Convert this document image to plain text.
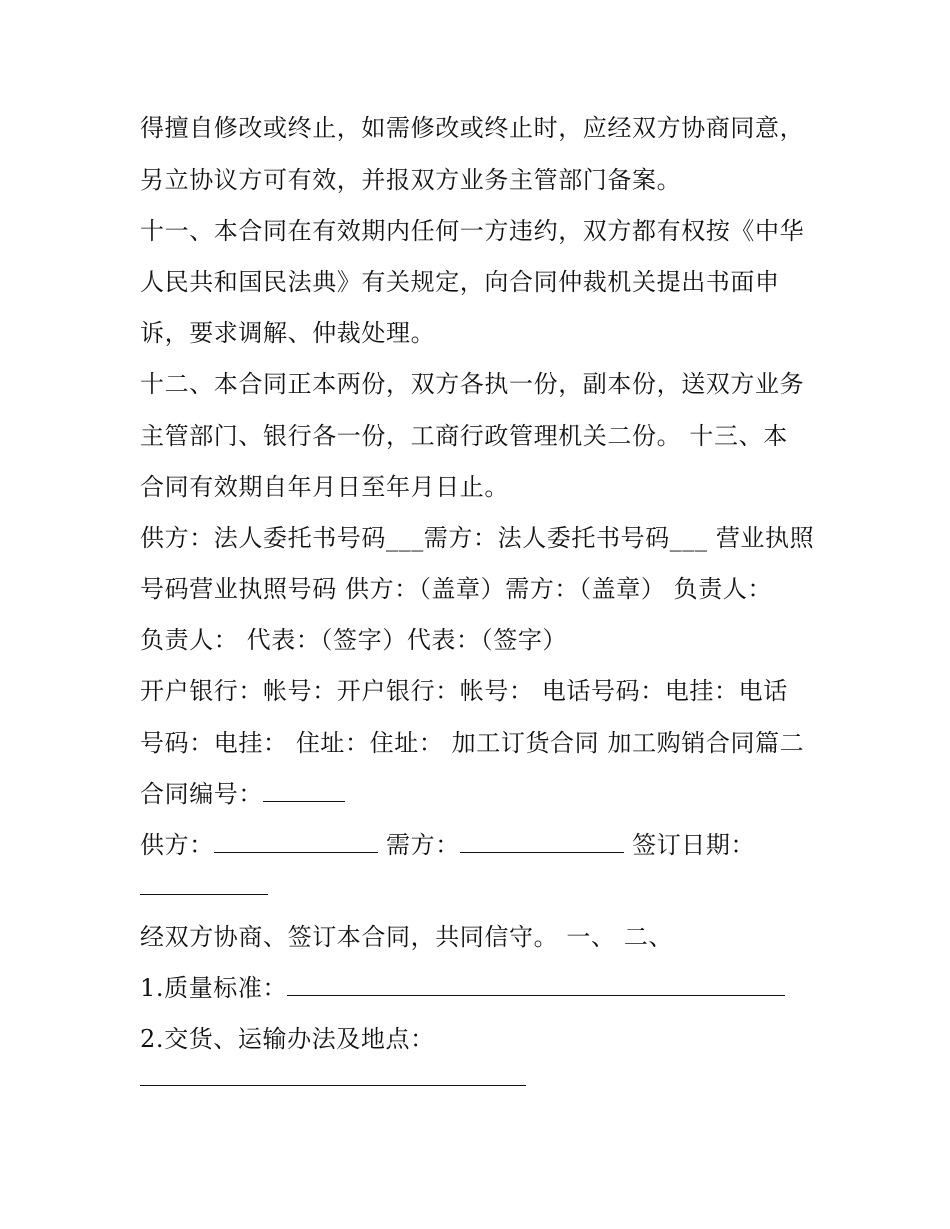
得擅自修改或终止，如需修改或终止时，应经双方协商同意，
另立协议方可有效，并报双方业务主管部门备案。
十一、本合同在有效期内任何一方违约，双方都有权按《中华
人民共和国民法典》有关规定，向合同仲裁机关提出书面申
诉，要求调解、仲裁处理。
十二、本合同正本两份，双方各执一份，副本份，送双方业务
主管部门、银行各一份，工商行政管理机关二份。 十三、本
合同有效期自年月日至年月日止。
供方：法人委托书号码___需方：法人委托书号码___ 营业执照
号码营业执照号码 供方：（盖章）需方：（盖章） 负责人：
负责人： 代表：（签字）代表：（签字）
开户银行：帐号：开户银行：帐号： 电话号码：电挂：电话
号码：电挂： 住址：住址： 加工订货合同 加工购销合同篇二
合同编号：
供方：	需方：	签订日期：
经双方协商、签订本合同，共同信守。 一、 二、
1.质量标准：
2.交货、运输办法及地点：
